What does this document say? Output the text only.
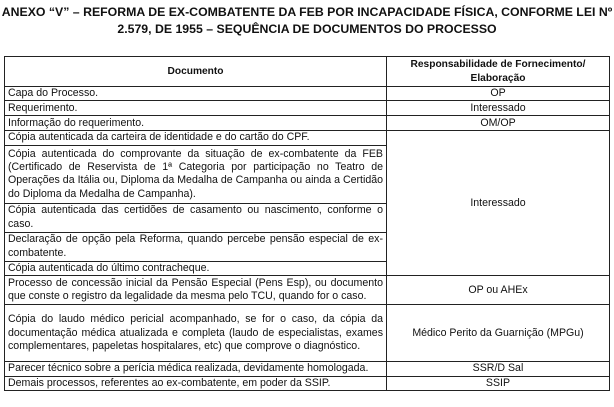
ANEXO “V” – REFORMA DE EX-COMBATENTE DA FEB POR INCAPACIDADE FÍSICA, CONFORME LEI Nº
2.579, DE 1955 – SEQUÊNCIA DE DOCUMENTOS DO PROCESSO
Documento	Responsabilidade de Fornecimento/ Elaboração
Capa do Processo.	OP
Requerimento.	Interessado
Informação do requerimento.	OM/OP
Cópia autenticada da carteira de identidade e do cartão do CPF.	Interessado
Cópia autenticada do comprovante da situação de ex-combatente da FEB (Certificado de Reservista de 1ª Categoria por participação no Teatro de Operações da Itália ou, Diploma da Medalha de Campanha ou ainda a Certidão do Diploma da Medalha de Campanha).	
Cópia autenticada das certidões de casamento ou nascimento, conforme o caso.	
Declaração de opção pela Reforma, quando percebe pensão especial de ex-combatente.	
Cópia autenticada do último contracheque.	
Processo de concessão inicial da Pensão Especial (Pens Esp), ou documento que conste o registro da legalidade da mesma pelo TCU, quando for o caso.	OP ou AHEx
Cópia do laudo médico pericial acompanhado, se for o caso, da cópia da documentação médica atualizada e completa (laudo de especialistas, exames complementares, papeletas hospitalares, etc) que comprove o diagnóstico.	Médico Perito da Guarnição (MPGu)
Parecer técnico sobre a perícia médica realizada, devidamente homologada.	SSR/D Sal
Demais processos, referentes ao ex-combatente, em poder da SSIP.	SSIP
